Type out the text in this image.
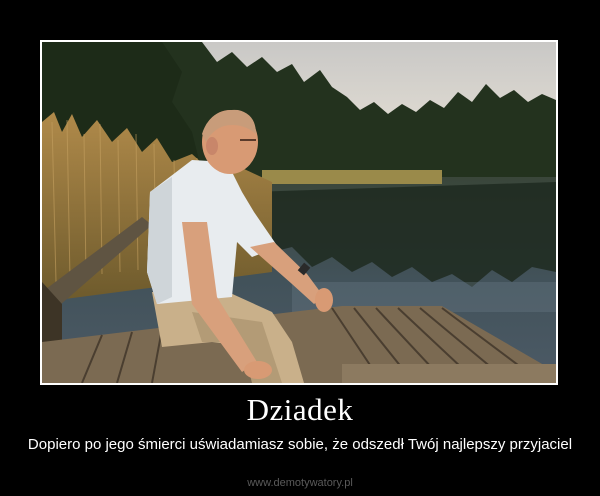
Dziadek
Dopiero po jego śmierci uświadamiasz sobie, że odszedł Twój najlepszy przyjaciel
www.demotywatory.pl
